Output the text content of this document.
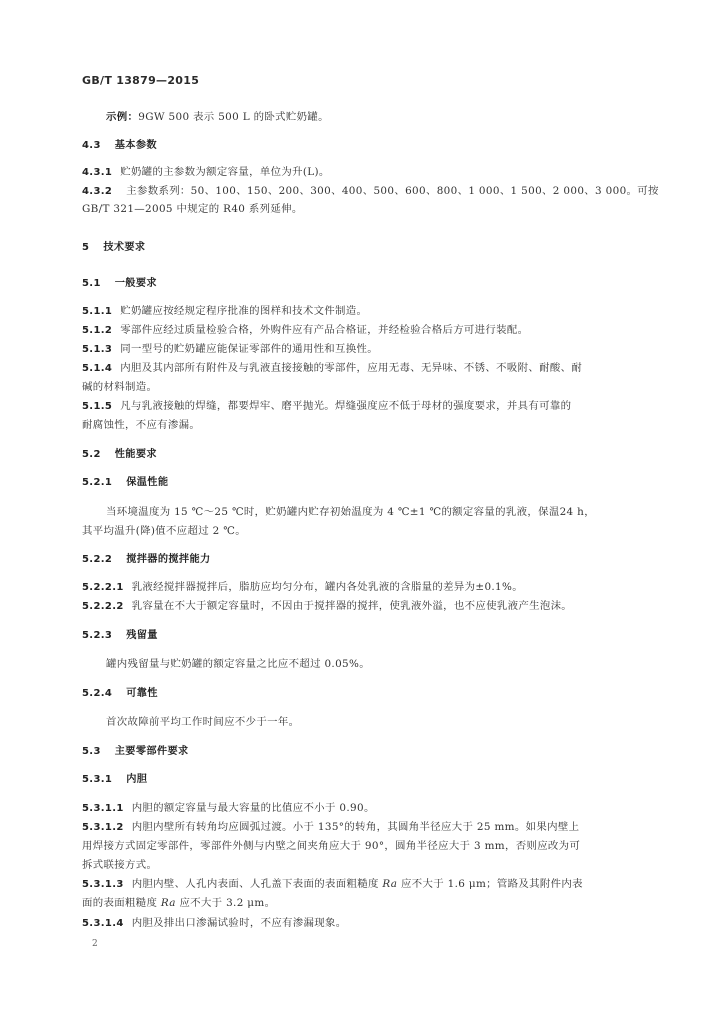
GB/T 13879—2015
示例：9GW 500 表示 500 L 的卧式贮奶罐。
4.3 基本参数
4.3.1 贮奶罐的主参数为额定容量，单位为升(L)。
4.3.2 主参数系列：50、100、150、200、300、400、500、600、800、1 000、1 500、2 000、3 000。可按
GB/T 321—2005 中规定的 R40 系列延伸。
5 技术要求
5.1 一般要求
5.1.1 贮奶罐应按经规定程序批准的图样和技术文件制造。
5.1.2 零部件应经过质量检验合格，外购件应有产品合格证，并经检验合格后方可进行装配。
5.1.3 同一型号的贮奶罐应能保证零部件的通用性和互换性。
5.1.4 内胆及其内部所有附件及与乳液直接接触的零部件，应用无毒、无异味、不锈、不吸附、耐酸、耐
碱的材料制造。
5.1.5 凡与乳液接触的焊缝，都要焊牢、磨平抛光。焊缝强度应不低于母材的强度要求，并具有可靠的
耐腐蚀性，不应有渗漏。
5.2 性能要求
5.2.1 保温性能
当环境温度为 15 ℃～25 ℃时，贮奶罐内贮存初始温度为 4 ℃±1 ℃的额定容量的乳液，保温24 h，
其平均温升(降)值不应超过 2 ℃。
5.2.2 搅拌器的搅拌能力
5.2.2.1 乳液经搅拌器搅拌后，脂肪应均匀分布，罐内各处乳液的含脂量的差异为±0.1%。
5.2.2.2 乳容量在不大于额定容量时，不因由于搅拌器的搅拌，使乳液外溢，也不应使乳液产生泡沫。
5.2.3 残留量
罐内残留量与贮奶罐的额定容量之比应不超过 0.05%。
5.2.4 可靠性
首次故障前平均工作时间应不少于一年。
5.3 主要零部件要求
5.3.1 内胆
5.3.1.1 内胆的额定容量与最大容量的比值应不小于 0.90。
5.3.1.2 内胆内壁所有转角均应圆弧过渡。小于 135°的转角，其圆角半径应大于 25 mm。如果内壁上
用焊接方式固定零部件，零部件外侧与内壁之间夹角应大于 90°，圆角半径应大于 3 mm，否则应改为可
拆式联接方式。
5.3.1.3 内胆内壁、人孔内表面、人孔盖下表面的表面粗糙度 Ra 应不大于 1.6 μm；管路及其附件内表
面的表面粗糙度 Ra 应不大于 3.2 μm。
5.3.1.4 内胆及排出口渗漏试验时，不应有渗漏现象。
2
